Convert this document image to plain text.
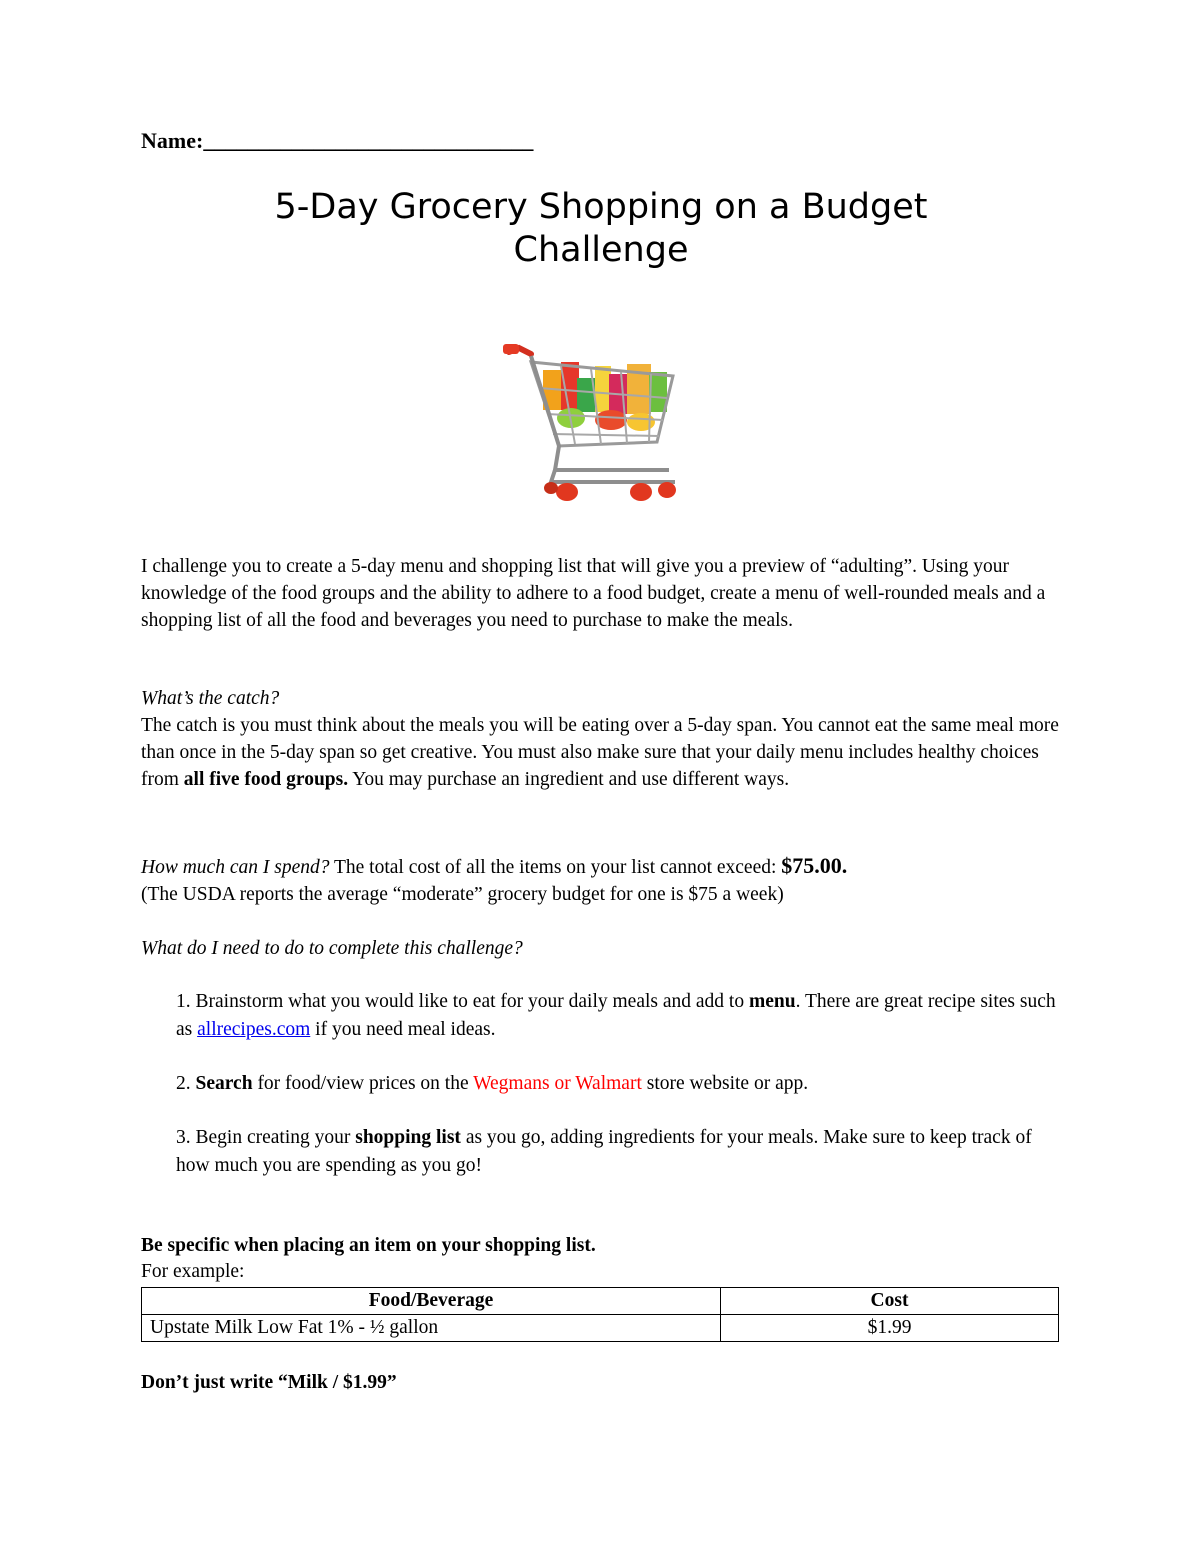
Name:______________________________
5-Day Grocery Shopping on a Budget
Challenge
I challenge you to create a 5-day menu and shopping list that will give you a preview of “adulting”. Using your knowledge of the food groups and the ability to adhere to a food budget, create a menu of well-rounded meals and a shopping list of all the food and beverages you need to purchase to make the meals.
What’s the catch?
The catch is you must think about the meals you will be eating over a 5-day span. You cannot eat the same meal more than once in the 5-day span so get creative. You must also make sure that your daily menu includes healthy choices from all five food groups. You may purchase an ingredient and use different ways.
How much can I spend? The total cost of all the items on your list cannot exceed: $75.00.
(The USDA reports the average “moderate” grocery budget for one is $75 a week)
What do I need to do to complete this challenge?
1. Brainstorm what you would like to eat for your daily meals and add to menu. There are great recipe sites such as allrecipes.com if you need meal ideas.
2. Search for food/view prices on the Wegmans or Walmart store website or app.
3. Begin creating your shopping list as you go, adding ingredients for your meals. Make sure to keep track of how much you are spending as you go!
Be specific when placing an item on your shopping list.
For example:
Food/Beverage	Cost
Upstate Milk Low Fat 1% - ½ gallon	$1.99
Don’t just write “Milk / $1.99”
